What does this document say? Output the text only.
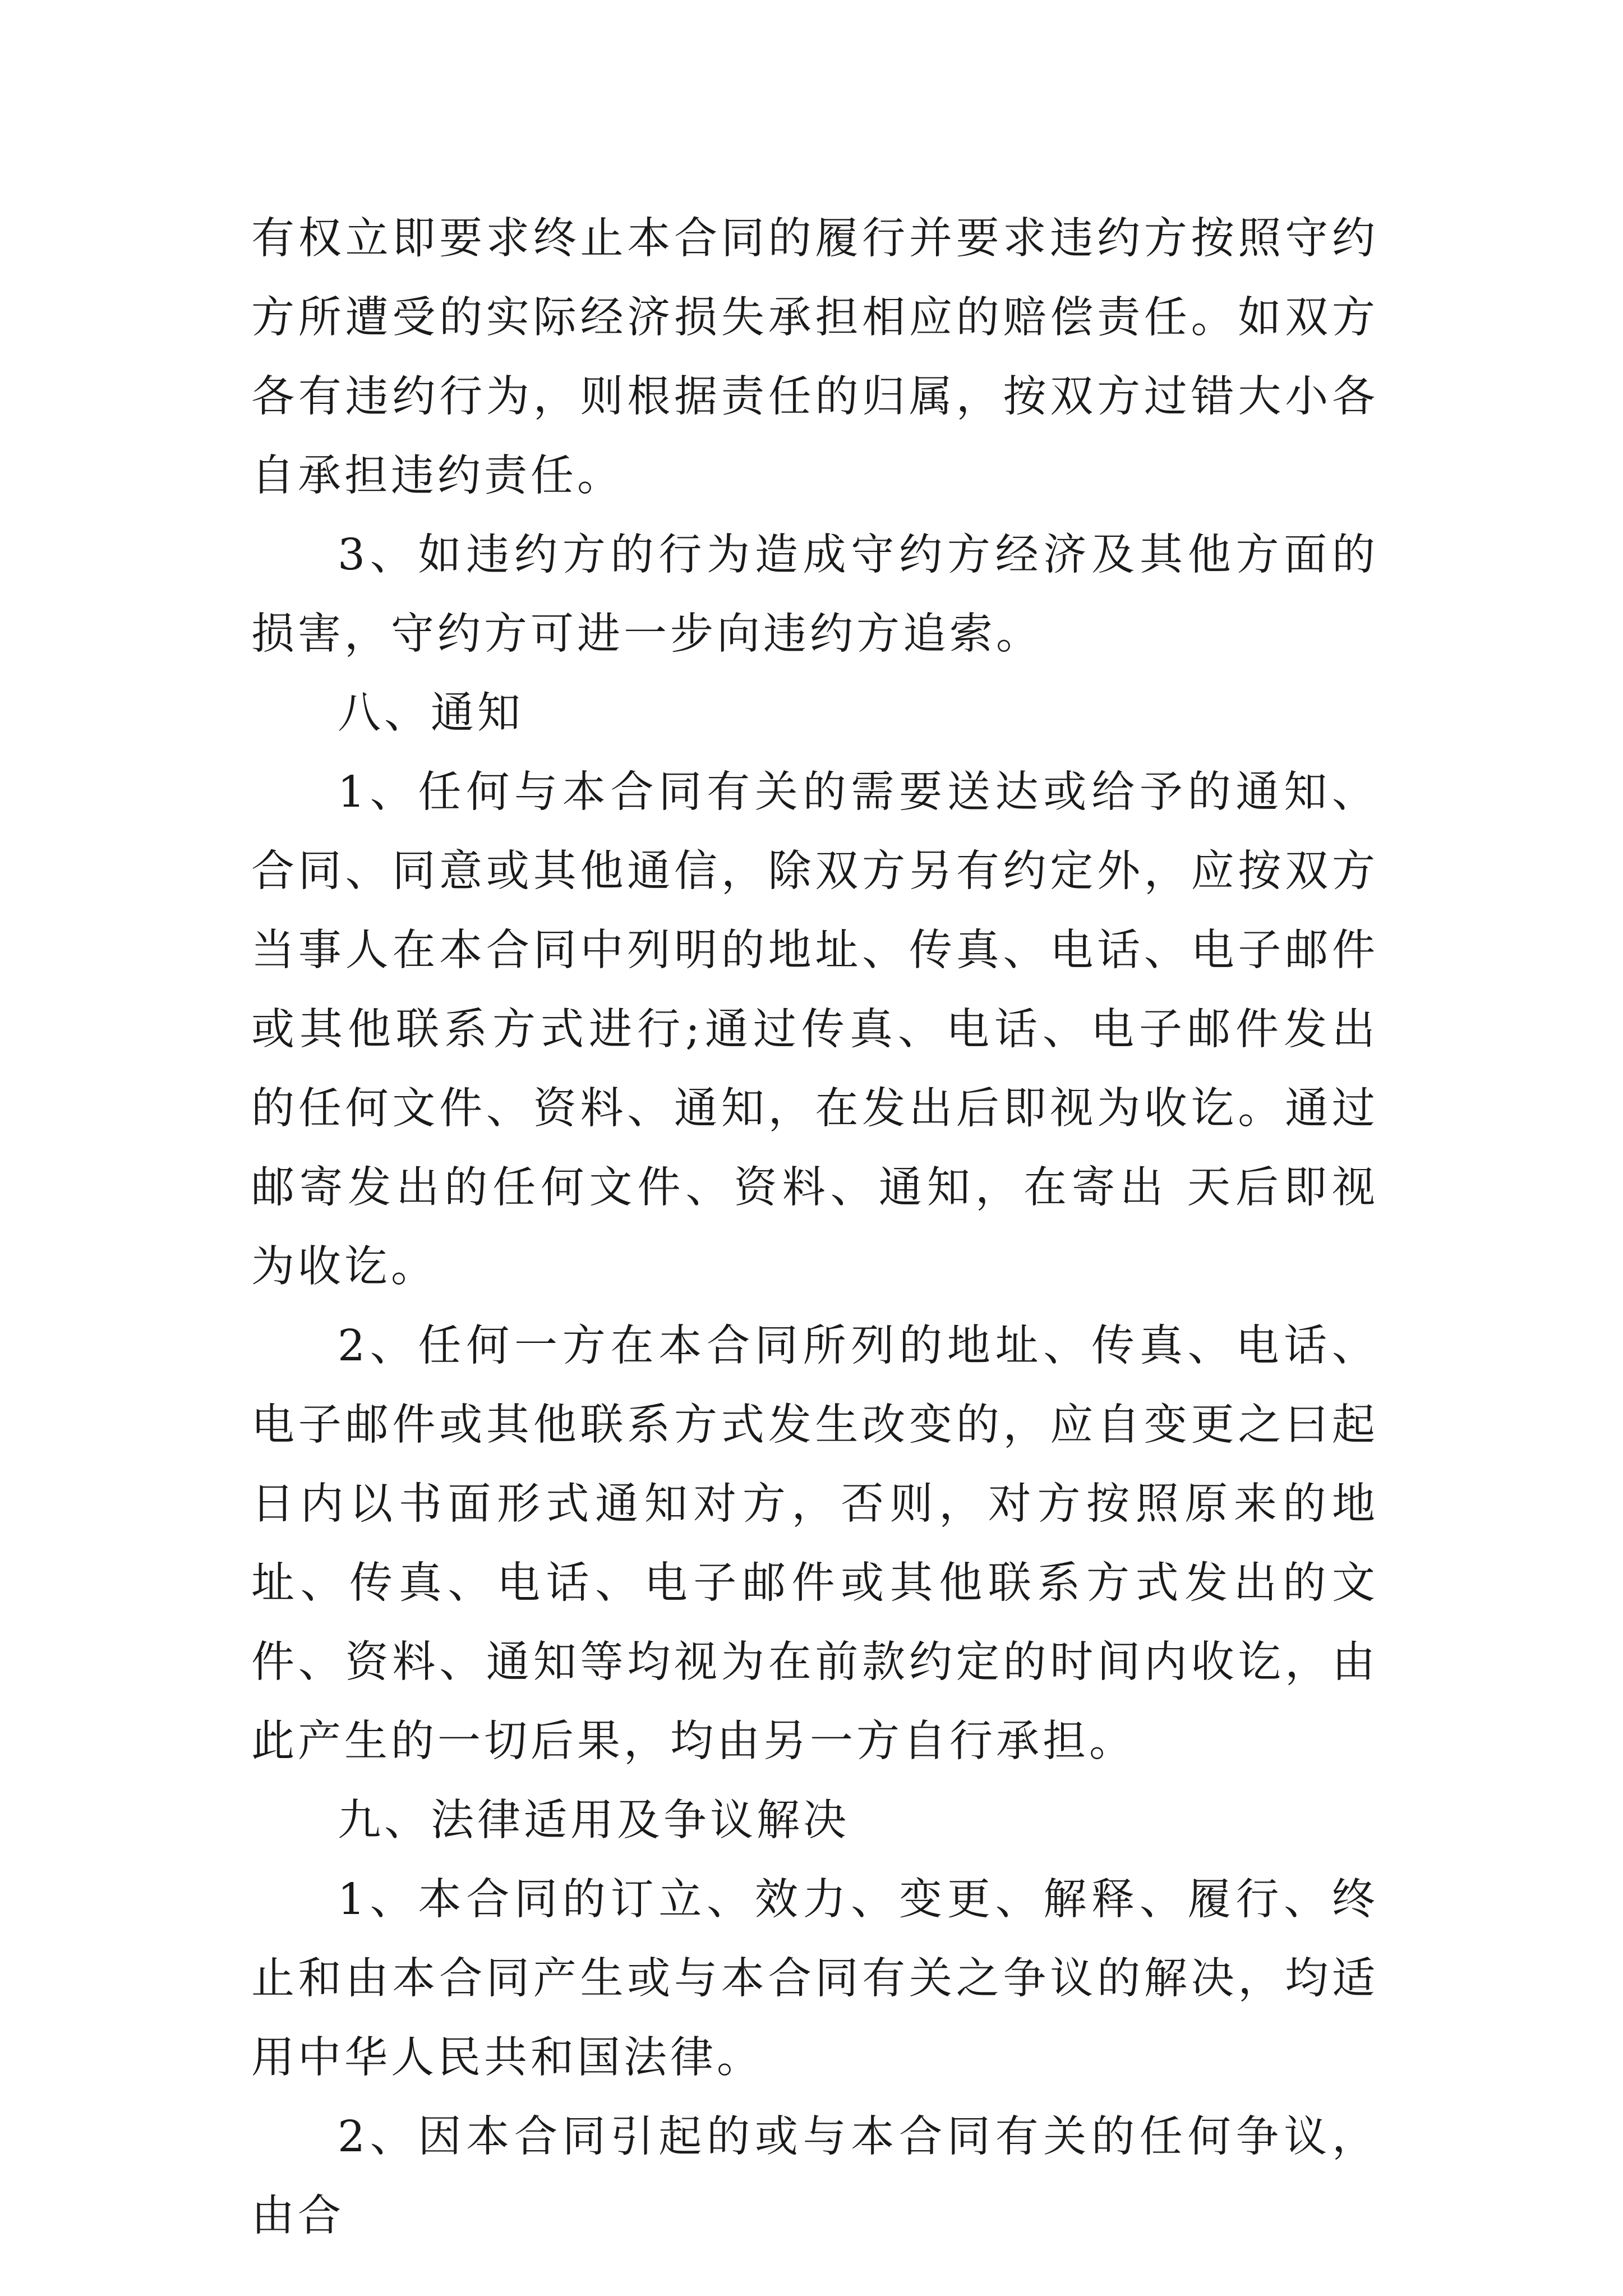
有权立即要求终止本合同的履行并要求违约方按照守约方所遭受的实际经济损失承担相应的赔偿责任。如双方各有违约行为，则根据责任的归属，按双方过错大小各自承担违约责任。

3、如违约方的行为造成守约方经济及其他方面的损害，守约方可进一步向违约方追索。

八、通知

1、任何与本合同有关的需要送达或给予的通知、合同、同意或其他通信，除双方另有约定外，应按双方当事人在本合同中列明的地址、传真、电话、电子邮件或其他联系方式进行;通过传真、电话、电子邮件发出的任何文件、资料、通知，在发出后即视为收讫。通过邮寄发出的任何文件、资料、通知，在寄出 天后即视为收讫。

2、任何一方在本合同所列的地址、传真、电话、电子邮件或其他联系方式发生改变的，应自变更之曰起 日内以书面形式通知对方，否则，对方按照原来的地址、传真、电话、电子邮件或其他联系方式发出的文件、资料、通知等均视为在前款约定的时间内收讫，由此产生的一切后果，均由另一方自行承担。

九、法律适用及争议解决

1、本合同的订立、效力、变更、解释、履行、终止和由本合同产生或与本合同有关之争议的解决，均适用中华人民共和国法律。

2、因本合同引起的或与本合同有关的任何争议，由合
